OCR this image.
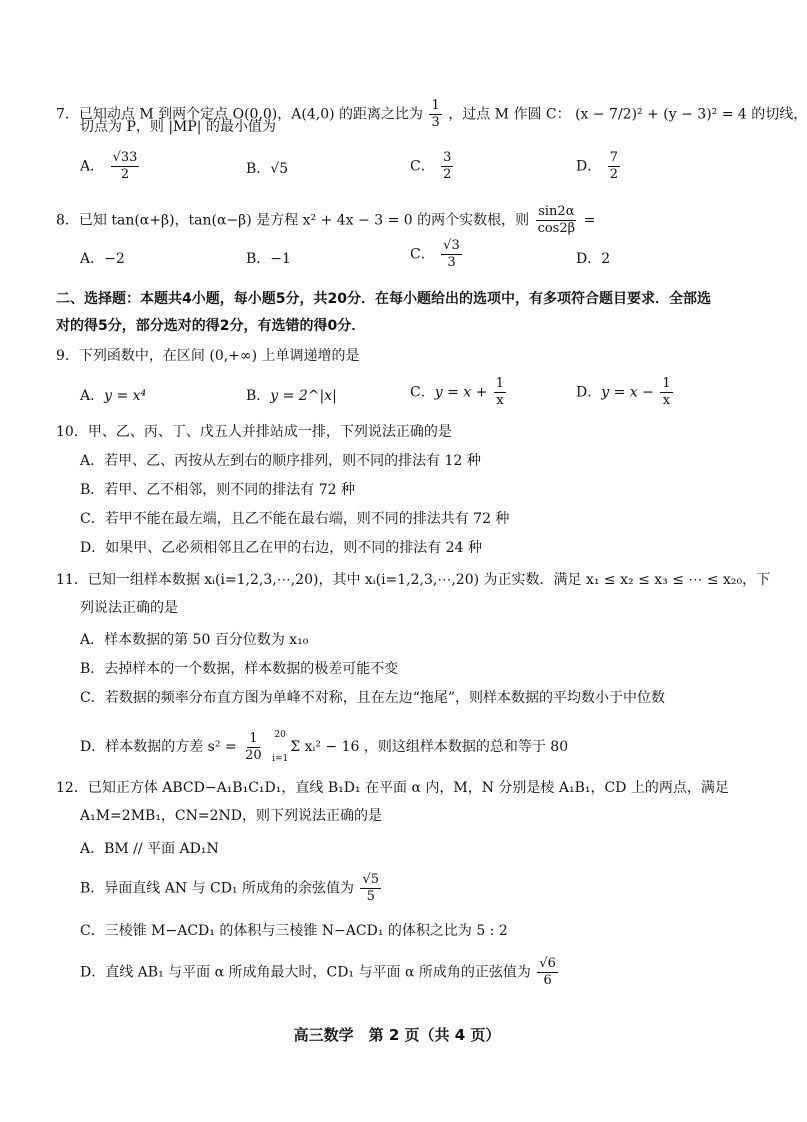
7．已知动点 M 到两个定点 O(0,0)，A(4,0) 的距离之比为 $\frac{1}{3}$ ，过点 M 作圆 C： (x − 7/2)² + (y − 3)² = 4 的切线，
切点为 P，则 |MP| 的最小值为
A． $\frac{√33}{2}$	B．√5	C． $\frac{3}{2}$	D． $\frac{7}{2}$
8．已知 tan(α+β)，tan(α−β) 是方程 x² + 4x − 3 = 0 的两个实数根，则 $\frac{\sin 2\alpha}{\cos 2\beta}$ =
A．−2	B．−1	C． $\frac{√3}{3}$	D．2
二、选择题：本题共4小题，每小题5分，共20分．在每小题给出的选项中，有多项符合题目要求．全部选
对的得5分，部分选对的得2分，有选错的得0分．
9．下列函数中，在区间 (0,+∞) 上单调递增的是
A．y = x⁴	B．y = 2^|x|	C．$y = x + \frac{1}{x}$	D．$y = x - \frac{1}{x}$
10．甲、乙、丙、丁、戊五人并排站成一排，下列说法正确的是
A．若甲、乙、丙按从左到右的顺序排列，则不同的排法有 12 种
B．若甲、乙不相邻，则不同的排法有 72 种
C．若甲不能在最左端，且乙不能在最右端，则不同的排法共有 72 种
D．如果甲、乙必须相邻且乙在甲的右边，则不同的排法有 24 种
11．已知一组样本数据 xᵢ(i=1,2,3,⋯,20)，其中 xᵢ(i=1,2,3,⋯,20) 为正实数．满足 x₁ ≤ x₂ ≤ x₃ ≤ ⋯ ≤ x₂₀，下
列说法正确的是
A．样本数据的第 50 百分位数为 x₁₀
B．去掉样本的一个数据，样本数据的极差可能不变
C．若数据的频率分布直方图为单峰不对称，且在左边“拖尾”，则样本数据的平均数小于中位数
D．样本数据的方差 $s^2 = \frac{1}{20}$
20

i=1
Σ xᵢ² − 16 ，则这组样本数据的总和等于 80
12．已知正方体 ABCD−A₁B₁C₁D₁，直线 B₁D₁ 在平面 α 内，M，N 分别是棱 A₁B₁，CD 上的两点，满足
A₁M=2MB₁，CN=2ND，则下列说法正确的是
A．BM // 平面 AD₁N
B．异面直线 AN 与 CD₁ 所成角的余弦值为 $\frac{√5}{5}$
C．三棱锥 M−ACD₁ 的体积与三棱锥 N−ACD₁ 的体积之比为 5 : 2
D．直线 AB₁ 与平面 α 所成角最大时，CD₁ 与平面 α 所成角的正弦值为 $\frac{√6}{6}$
高三数学　第 2 页（共 4 页）
